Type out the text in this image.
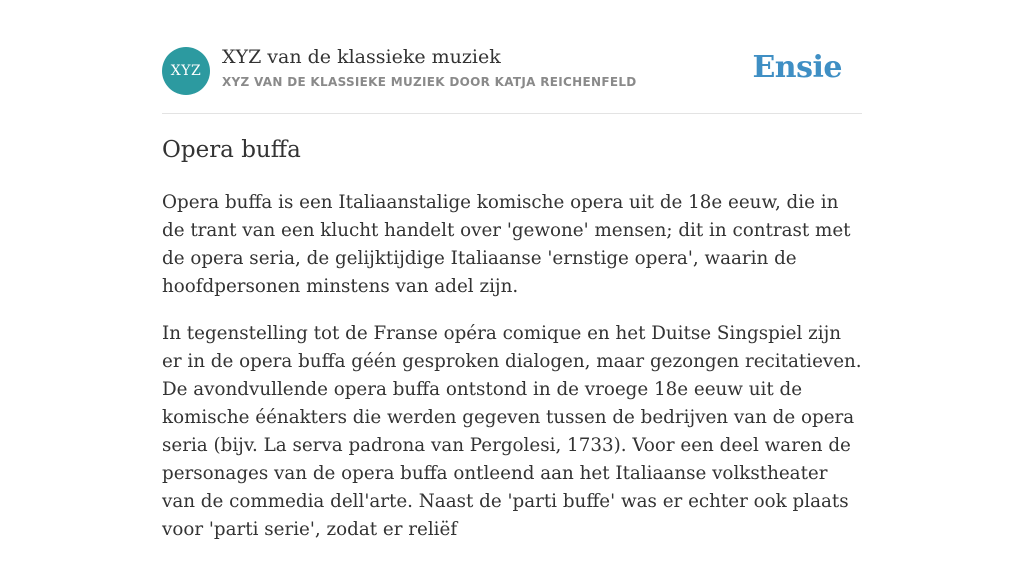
XYZ
XYZ van de klassieke muziek
XYZ VAN DE KLASSIEKE MUZIEK DOOR KATJA REICHENFELD	Ensie
Opera buffa

Opera buffa is een Italiaanstalige komische opera uit de 18e eeuw, die in de trant van een klucht handelt over 'gewone' mensen; dit in contrast met de opera seria, de gelijktijdige Italiaanse 'ernstige opera', waarin de hoofdpersonen minstens van adel zijn.

In tegenstelling tot de Franse opéra comique en het Duitse Singspiel zijn er in de opera buffa géén gesproken dialogen, maar gezongen recitatieven. De avondvullende opera buffa ontstond in de vroege 18e eeuw uit de komische éénakters die werden gegeven tussen de bedrijven van de opera seria (bijv. La serva padrona van Pergolesi, 1733). Voor een deel waren de personages van de opera buffa ontleend aan het Italiaanse volkstheater van de commedia dell'arte. Naast de 'parti buffe' was er echter ook plaats voor 'parti serie', zodat er reliëf
